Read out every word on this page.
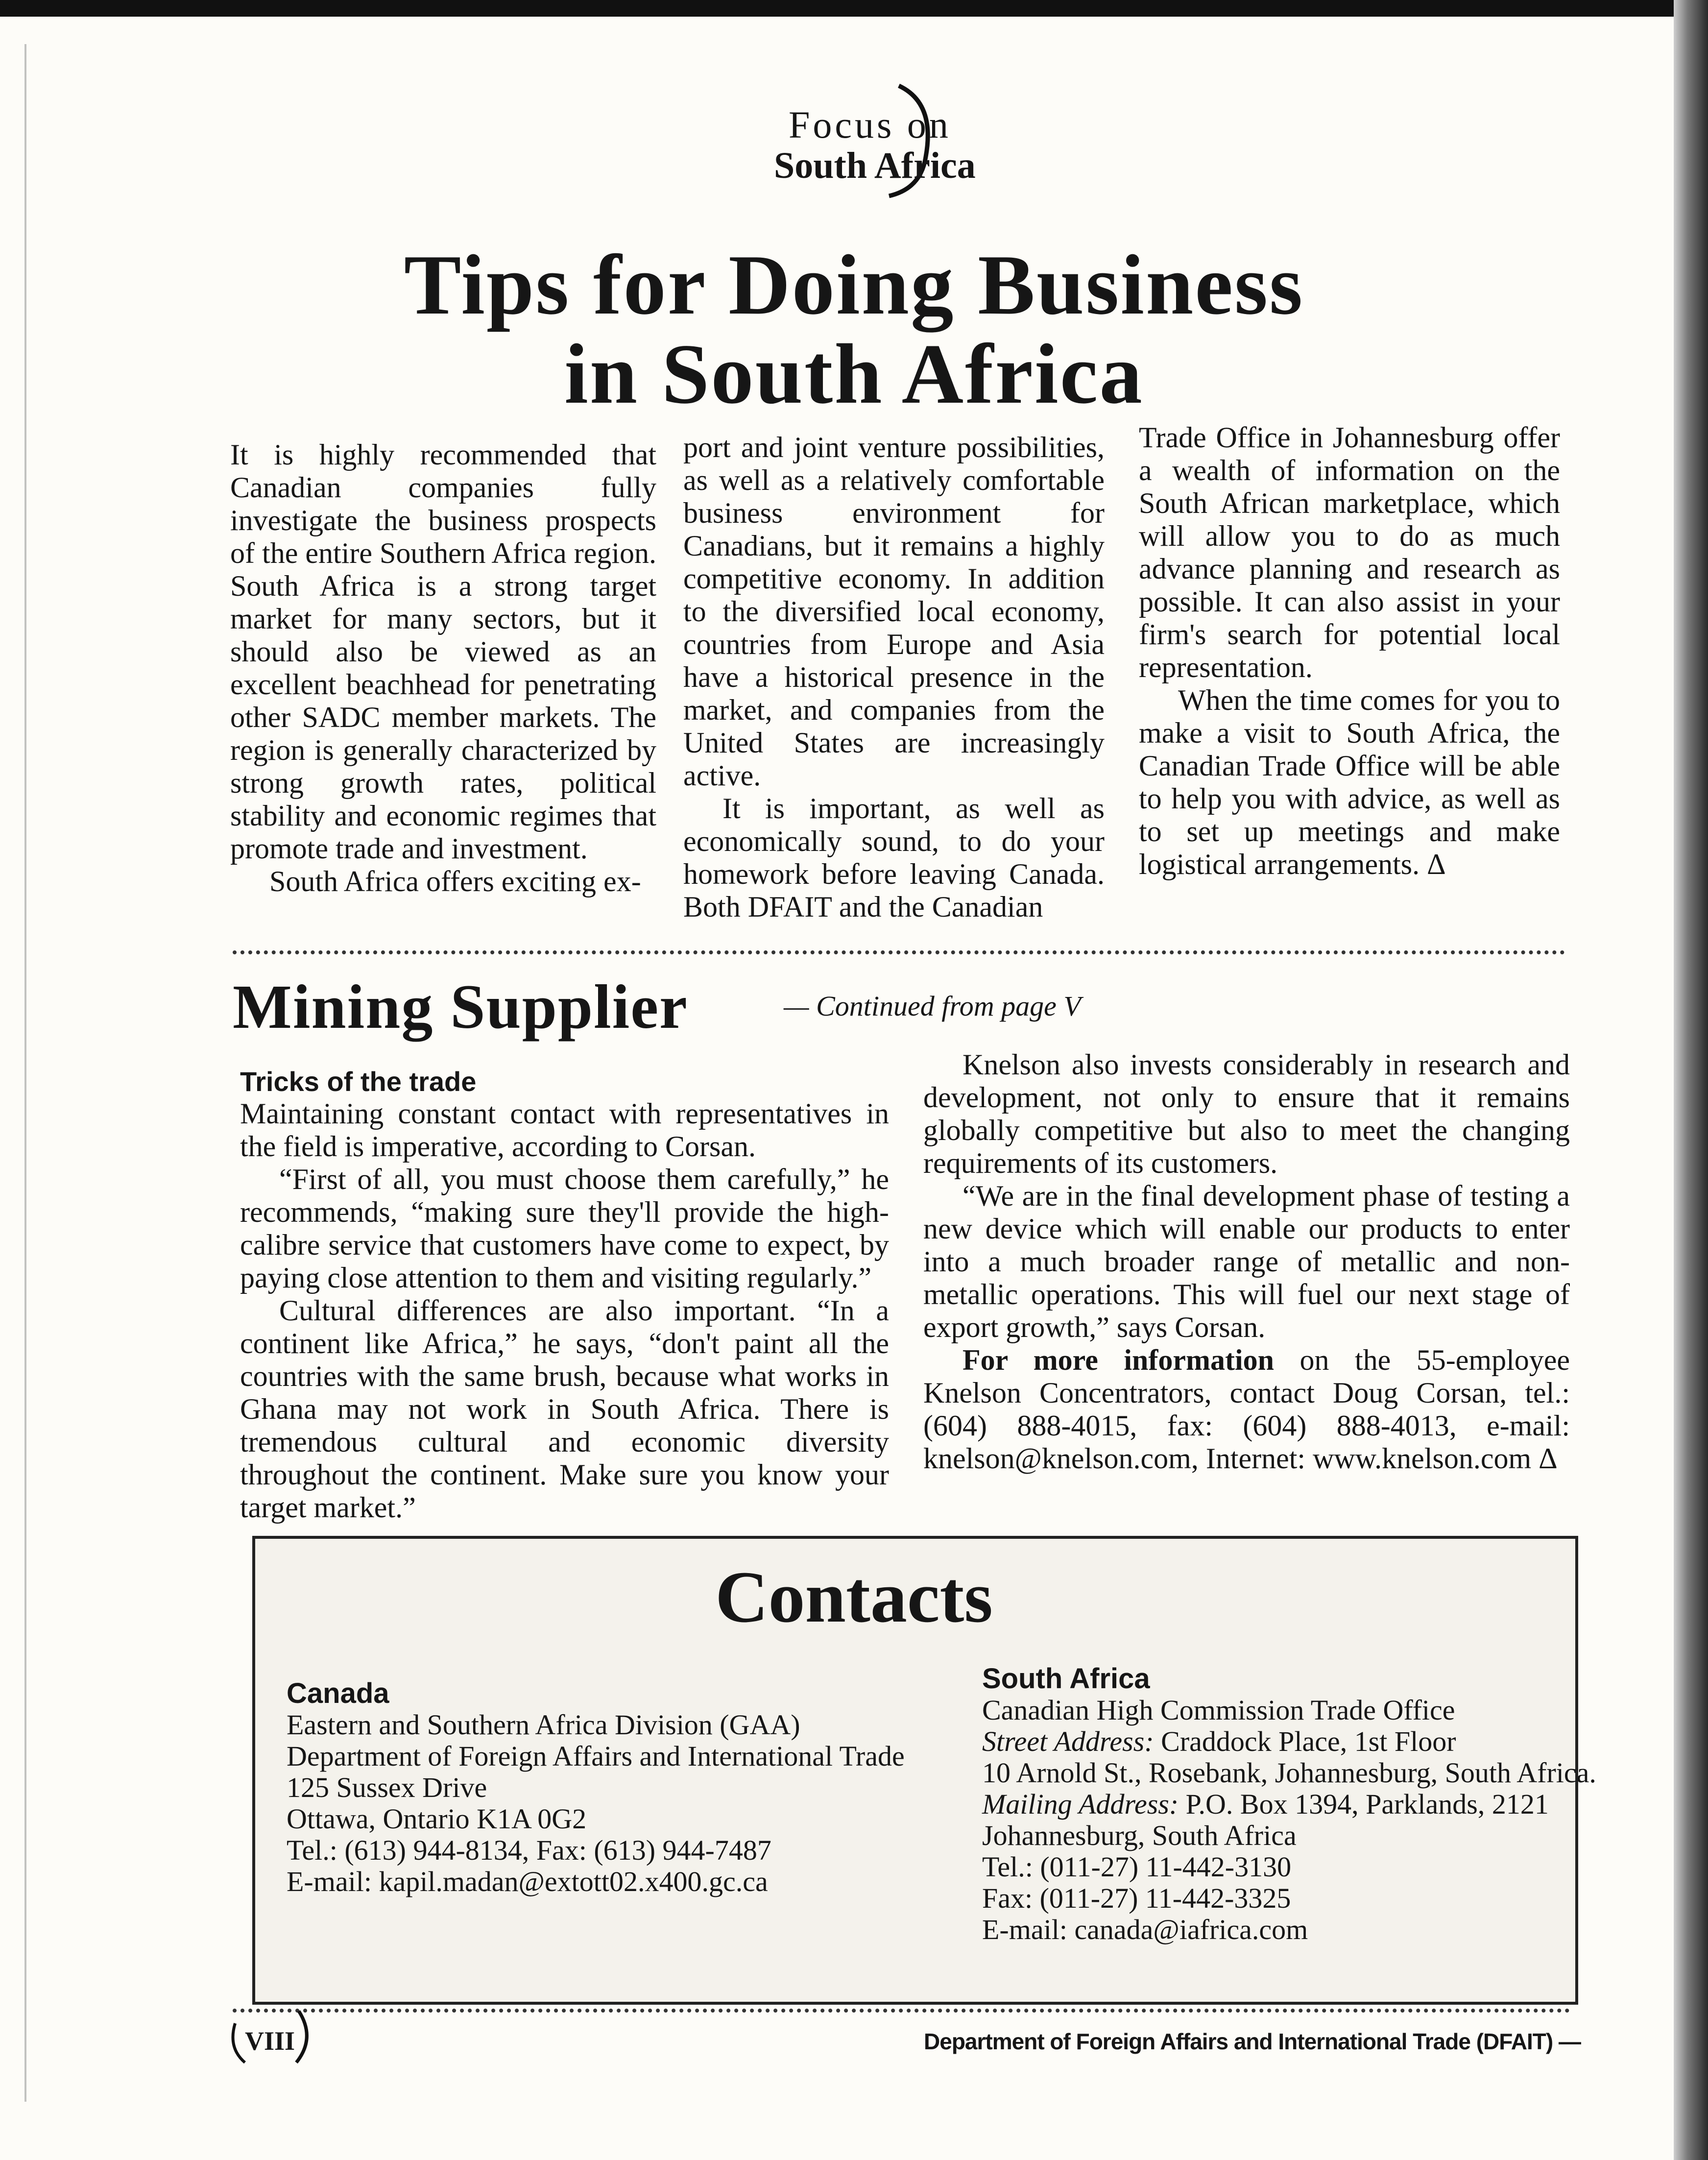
Focus on
South Africa
Tips for Doing Business
in South Africa

It is highly recommended that Canadian companies fully investigate the business prospects of the entire Southern Africa region. South Africa is a strong target market for many sectors, but it should also be viewed as an excellent beachhead for penetrating other SADC member markets. The region is generally characterized by strong growth rates, political stability and economic regimes that promote trade and investment.

South Africa offers exciting ex-

port and joint venture possibilities, as well as a relatively comfortable business environment for Canadians, but it remains a highly competitive economy. In addition to the diversified local economy, countries from Europe and Asia have a historical presence in the market, and companies from the United States are increasingly active.

It is important, as well as economically sound, to do your homework before leaving Canada. Both DFAIT and the Canadian

Trade Office in Johannesburg offer a wealth of information on the South African marketplace, which will allow you to do as much advance planning and research as possible. It can also assist in your firm's search for potential local representation.

When the time comes for you to make a visit to South Africa, the Canadian Trade Office will be able to help you with advice, as well as to set up meetings and make logistical arrangements. Δ

Mining Supplier	— Continued from page V
Tricks of the trade

Maintaining constant contact with representatives in the field is imperative, according to Corsan.

“First of all, you must choose them carefully,” he recommends, “making sure they'll provide the high-calibre service that customers have come to expect, by paying close attention to them and visiting regularly.”

Cultural differences are also important. “In a continent like Africa,” he says, “don't paint all the countries with the same brush, because what works in Ghana may not work in South Africa. There is tremendous cultural and economic diversity throughout the continent. Make sure you know your target market.”

Knelson also invests considerably in research and development, not only to ensure that it remains globally competitive but also to meet the changing requirements of its customers.

“We are in the final development phase of testing a new device which will enable our products to enter into a much broader range of metallic and non-metallic operations. This will fuel our next stage of export growth,” says Corsan.

For more information on the 55-employee Knelson Concentrators, contact Doug Corsan, tel.: (604) 888-4015, fax: (604) 888-4013, e-mail: knelson@knelson.com, Internet: www.knelson.com Δ

Contacts
Canada
Eastern and Southern Africa Division (GAA)
Department of Foreign Affairs and International Trade
125 Sussex Drive
Ottawa, Ontario K1A 0G2
Tel.: (613) 944-8134, Fax: (613) 944-7487
E-mail: kapil.madan@extott02.x400.gc.ca
South Africa
Canadian High Commission Trade Office
Street Address: Craddock Place, 1st Floor
10 Arnold St., Rosebank, Johannesburg, South Africa.
Mailing Address: P.O. Box 1394, Parklands, 2121
Johannesburg, South Africa
Tel.: (011-27) 11-442-3130
Fax: (011-27) 11-442-3325
E-mail: canada@iafrica.com
VIII	Department of Foreign Affairs and International Trade (DFAIT) —
